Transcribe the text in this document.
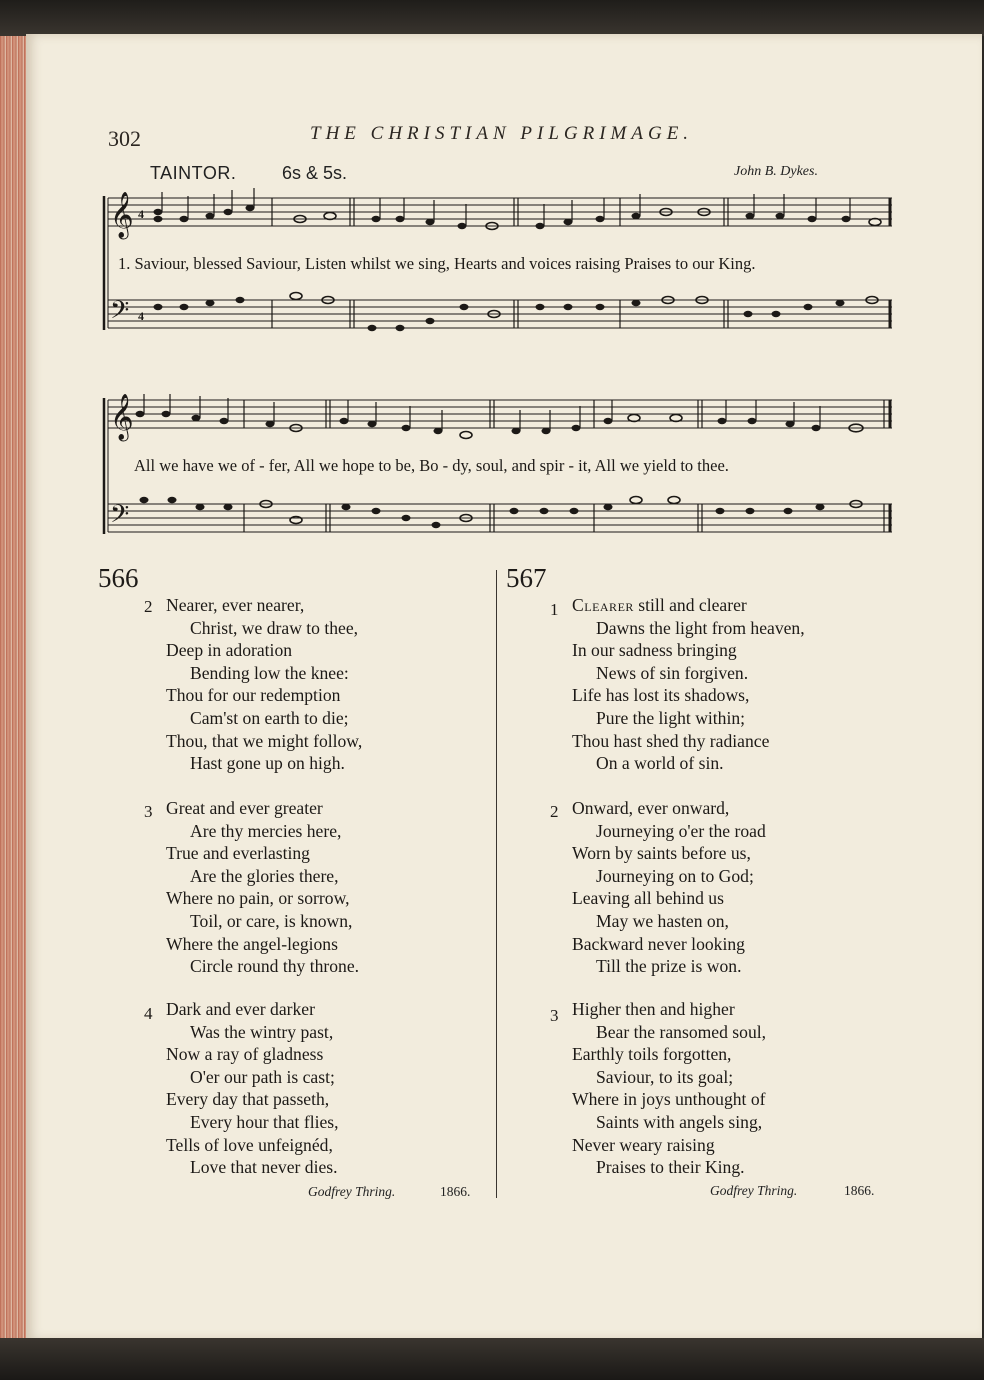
302	THE CHRISTIAN PILGRIMAGE.
TAINTOR.	6s & 5s.	John B. Dykes.
𝄞
𝄢
4
4
1. Saviour, blessed Saviour, Listen whilst we sing, Hearts and voices raising Praises to our King.
𝄞
𝄢
All we have we of - fer, All we hope to be, Bo - dy, soul, and spir - it, All we yield to thee.
566	567
2 Nearer, ever nearer,
Christ, we draw to thee,
Deep in adoration
Bending low the knee:
Thou for our redemption
Cam'st on earth to die;
Thou, that we might follow,
Hast gone up on high.
3 Great and ever greater
Are thy mercies here,
True and everlasting
Are the glories there,
Where no pain, or sorrow,
Toil, or care, is known,
Where the angel-legions
Circle round thy throne.
4 Dark and ever darker
Was the wintry past,
Now a ray of gladness
O'er our path is cast;
Every day that passeth,
Every hour that flies,
Tells of love unfeignéd,
Love that never dies.
Godfrey Thring.	1866.
1 Clearer still and clearer
Dawns the light from heaven,
In our sadness bringing
News of sin forgiven.
Life has lost its shadows,
Pure the light within;
Thou hast shed thy radiance
On a world of sin.
2 Onward, ever onward,
Journeying o'er the road
Worn by saints before us,
Journeying on to God;
Leaving all behind us
May we hasten on,
Backward never looking
Till the prize is won.
3 Higher then and higher
Bear the ransomed soul,
Earthly toils forgotten,
Saviour, to its goal;
Where in joys unthought of
Saints with angels sing,
Never weary raising
Praises to their King.
Godfrey Thring.	1866.
